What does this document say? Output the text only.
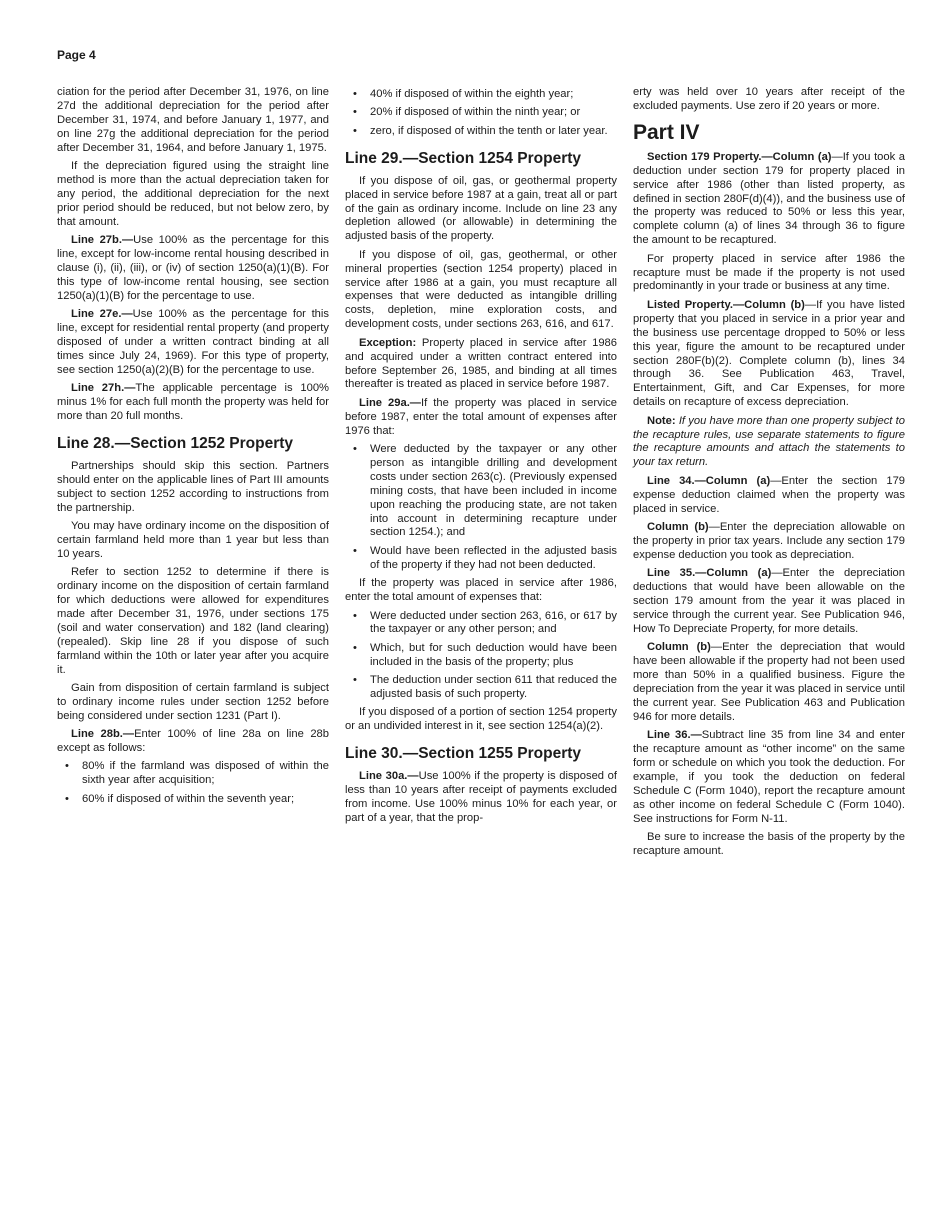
Page 4

ciation for the period after December 31, 1976, on line 27d the additional depreciation for the period after December 31, 1974, and before January 1, 1977, and on line 27g the additional depreciation for the period after December 31, 1964, and before January 1, 1975.

If the depreciation figured using the straight line method is more than the actual depreciation taken for any period, the additional depreciation for the next prior period should be reduced, but not below zero, by that amount.

Line 27b.—Use 100% as the percentage for this line, except for low-income rental housing described in clause (i), (ii), (iii), or (iv) of section 1250(a)(1)(B). For this type of low-income rental housing, see section 1250(a)(1)(B) for the percentage to use.

Line 27e.—Use 100% as the percentage for this line, except for residential rental property (and property disposed of under a written contract binding at all times since July 24, 1969). For this type of property, see section 1250(a)(2)(B) for the percentage to use.

Line 27h.—The applicable percentage is 100% minus 1% for each full month the property was held for more than 20 full months.

Line 28.—Section 1252 Property

Partnerships should skip this section. Partners should enter on the applicable lines of Part III amounts subject to section 1252 according to instructions from the partnership.

You may have ordinary income on the disposition of certain farmland held more than 1 year but less than 10 years.

Refer to section 1252 to determine if there is ordinary income on the disposition of certain farmland for which deductions were allowed for expenditures made after December 31, 1976, under sections 175 (soil and water conservation) and 182 (land clearing) (repealed). Skip line 28 if you dispose of such farmland within the 10th or later year after you acquire it.

Gain from disposition of certain farmland is subject to ordinary income rules under section 1252 before being considered under section 1231 (Part I).

Line 28b.—Enter 100% of line 28a on line 28b except as follows:

• 80% if the farmland was disposed of within the sixth year after acquisition;
• 60% if disposed of within the seventh year;
• 40% if disposed of within the eighth year;
• 20% if disposed of within the ninth year; or
• zero, if disposed of within the tenth or later year.
Line 29.—Section 1254 Property

If you dispose of oil, gas, or geothermal property placed in service before 1987 at a gain, treat all or part of the gain as ordinary income. Include on line 23 any depletion allowed (or allowable) in determining the adjusted basis of the property.

If you dispose of oil, gas, geothermal, or other mineral properties (section 1254 property) placed in service after 1986 at a gain, you must recapture all expenses that were deducted as intangible drilling costs, depletion, mine exploration costs, and development costs, under sections 263, 616, and 617.

Exception: Property placed in service after 1986 and acquired under a written contract entered into before September 26, 1985, and binding at all times thereafter is treated as placed in service before 1987.

Line 29a.—If the property was placed in service before 1987, enter the total amount of expenses after 1976 that:

• Were deducted by the taxpayer or any other person as intangible drilling and development costs under section 263(c). (Previously expensed mining costs, that have been included in income upon reaching the producing state, are not taken into account in determining recapture under section 1254.); and
• Would have been reflected in the adjusted basis of the property if they had not been deducted.

If the property was placed in service after 1986, enter the total amount of expenses that:

• Were deducted under section 263, 616, or 617 by the taxpayer or any other person; and
• Which, but for such deduction would have been included in the basis of the property; plus
• The deduction under section 611 that reduced the adjusted basis of such property.

If you disposed of a portion of section 1254 property or an undivided interest in it, see section 1254(a)(2).

Line 30.—Section 1255 Property

Line 30a.—Use 100% if the property is disposed of less than 10 years after receipt of payments excluded from income. Use 100% minus 10% for each year, or part of a year, that the prop-

erty was held over 10 years after receipt of the excluded payments. Use zero if 20 years or more.

Part IV

Section 179 Property.—Column (a)—If you took a deduction under section 179 for property placed in service after 1986 (other than listed property, as defined in section 280F(d)(4)), and the business use of the property was reduced to 50% or less this year, complete column (a) of lines 34 through 36 to figure the amount to be recaptured.

For property placed in service after 1986 the recapture must be made if the property is not used predominantly in your trade or business at any time.

Listed Property.—Column (b)—If you have listed property that you placed in service in a prior year and the business use percentage dropped to 50% or less this year, figure the amount to be recaptured under section 280F(b)(2). Complete column (b), lines 34 through 36. See Publication 463, Travel, Entertainment, Gift, and Car Expenses, for more details on recapture of excess depreciation.

Note: If you have more than one property subject to the recapture rules, use separate statements to figure the recapture amounts and attach the statements to your tax return.

Line 34.—Column (a)—Enter the section 179 expense deduction claimed when the property was placed in service.

Column (b)—Enter the depreciation allowable on the property in prior tax years. Include any section 179 expense deduction you took as depreciation.

Line 35.—Column (a)—Enter the depreciation deductions that would have been allowable on the section 179 amount from the year it was placed in service through the current year. See Publication 946, How To Depreciate Property, for more details.

Column (b)—Enter the depreciation that would have been allowable if the property had not been used more than 50% in a qualified business. Figure the depreciation from the year it was placed in service until the current year. See Publication 463 and Publication 946 for more details.

Line 36.—Subtract line 35 from line 34 and enter the recapture amount as “other income” on the same form or schedule on which you took the deduction. For example, if you took the deduction on federal Schedule C (Form 1040), report the recapture amount as other income on federal Schedule C (Form 1040). See instructions for Form N-11.

Be sure to increase the basis of the property by the recapture amount.
